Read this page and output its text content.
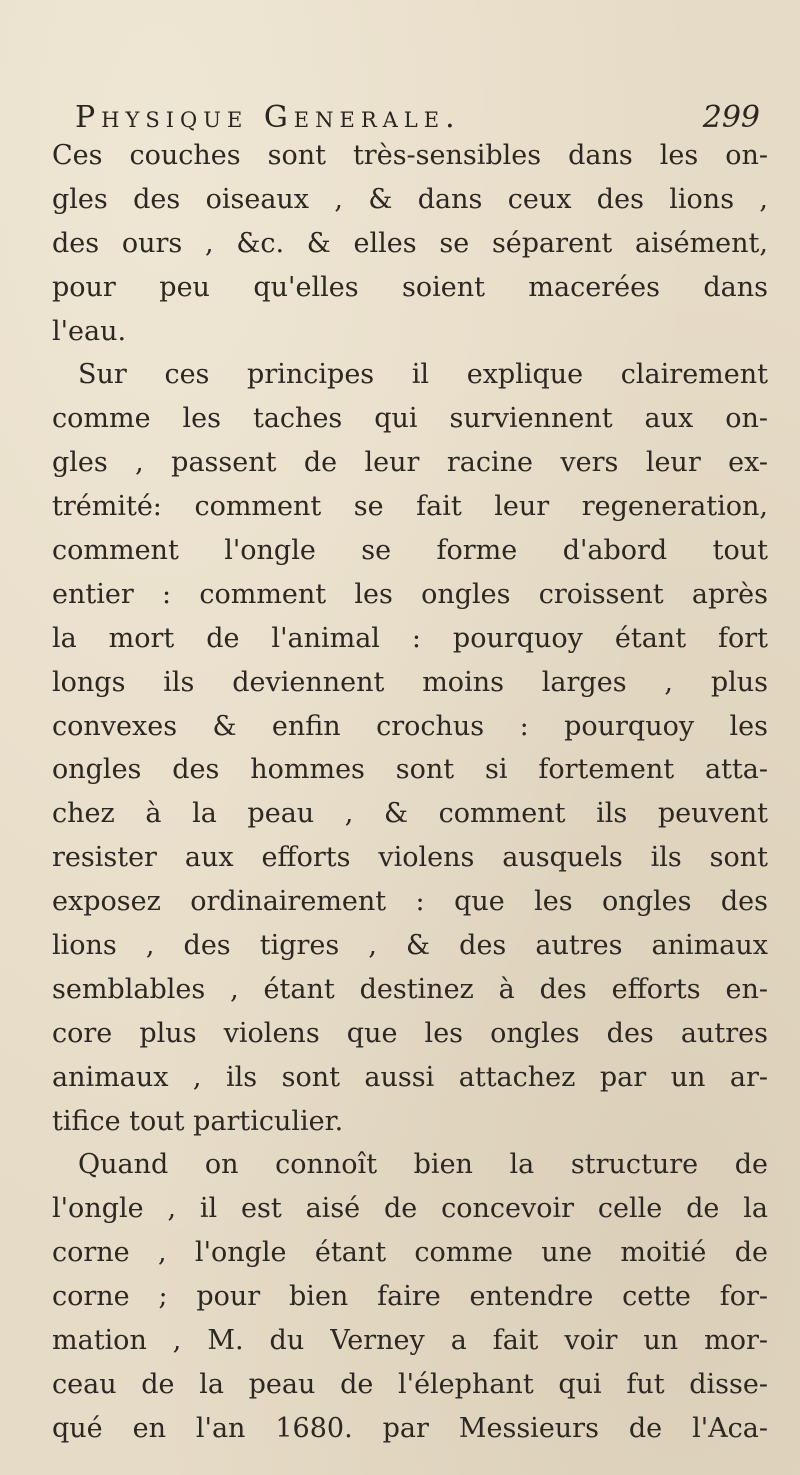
Physique Generale.	299
Ces couches sont très-sensibles dans les on-
gles des oiseaux , & dans ceux des lions ,
des ours , &c. & elles se séparent aisément,
pour peu qu'elles soient macerées dans
l'eau.
Sur ces principes il explique clairement
comme les taches qui surviennent aux on-
gles , passent de leur racine vers leur ex-
trémité: comment se fait leur regeneration,
comment l'ongle se forme d'abord tout
entier : comment les ongles croissent après
la mort de l'animal : pourquoy étant fort
longs ils deviennent moins larges , plus
convexes & enfin crochus : pourquoy les
ongles des hommes sont si fortement atta-
chez à la peau , & comment ils peuvent
resister aux efforts violens ausquels ils sont
exposez ordinairement : que les ongles des
lions , des tigres , & des autres animaux
semblables , étant destinez à des efforts en-
core plus violens que les ongles des autres
animaux , ils sont aussi attachez par un ar-
tifice tout particulier.
Quand on connoît bien la structure de
l'ongle , il est aisé de concevoir celle de la
corne , l'ongle étant comme une moitié de
corne ; pour bien faire entendre cette for-
mation , M. du Verney a fait voir un mor-
ceau de la peau de l'élephant qui fut disse-
qué en l'an 1680. par Messieurs de l'Aca-
